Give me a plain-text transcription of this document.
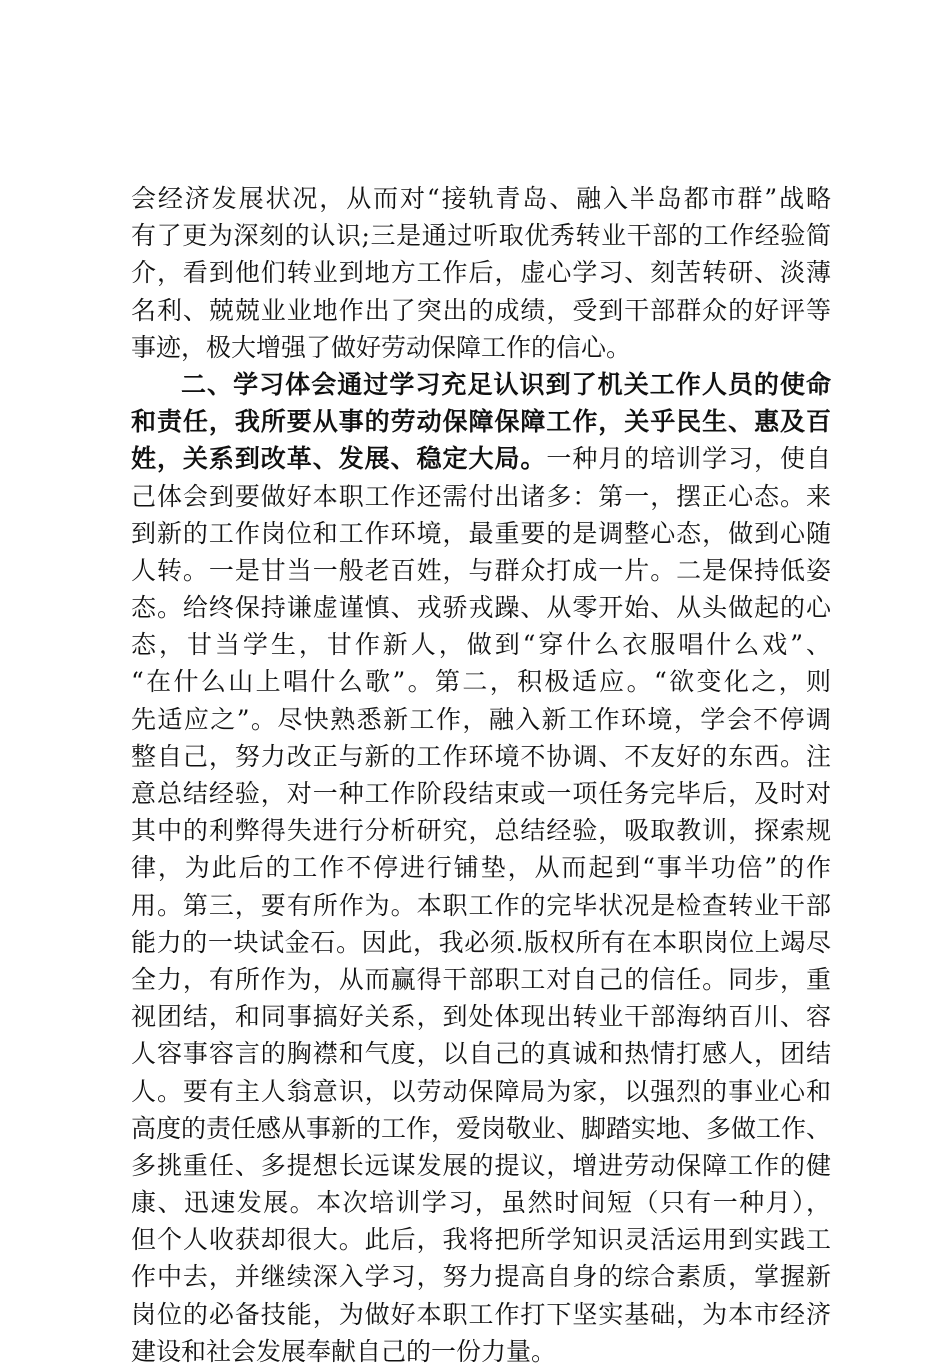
会经济发展状况，从而对“接轨青岛、融入半岛都市群”战略
有了更为深刻的认识;三是通过听取优秀转业干部的工作经验简
介，看到他们转业到地方工作后，虚心学习、刻苦转研、淡薄
名利、兢兢业业地作出了突出的成绩，受到干部群众的好评等
事迹，极大增强了做好劳动保障工作的信心。
二、学习体会通过学习充足认识到了机关工作人员的使命
和责任，我所要从事的劳动保障保障工作，关乎民生、惠及百
姓，关系到改革、发展、稳定大局。一种月的培训学习，使自
己体会到要做好本职工作还需付出诸多：第一，摆正心态。来
到新的工作岗位和工作环境，最重要的是调整心态，做到心随
人转。一是甘当一般老百姓，与群众打成一片。二是保持低姿
态。给终保持谦虚谨慎、戎骄戎躁、从零开始、从头做起的心
态，甘当学生，甘作新人，做到“穿什么衣服唱什么戏”、
“在什么山上唱什么歌”。第二，积极适应。“欲变化之，则
先适应之”。尽快熟悉新工作，融入新工作环境，学会不停调
整自己，努力改正与新的工作环境不协调、不友好的东西。注
意总结经验，对一种工作阶段结束或一项任务完毕后，及时对
其中的利弊得失进行分析研究，总结经验，吸取教训，探索规
律，为此后的工作不停进行铺垫，从而起到“事半功倍”的作
用。第三，要有所作为。本职工作的完毕状况是检查转业干部
能力的一块试金石。因此，我必须.版权所有在本职岗位上竭尽
全力，有所作为，从而赢得干部职工对自己的信任。同步，重
视团结，和同事搞好关系，到处体现出转业干部海纳百川、容
人容事容言的胸襟和气度，以自己的真诚和热情打感人，团结
人。要有主人翁意识，以劳动保障局为家，以强烈的事业心和
高度的责任感从事新的工作，爱岗敬业、脚踏实地、多做工作、
多挑重任、多提想长远谋发展的提议，增进劳动保障工作的健
康、迅速发展。本次培训学习，虽然时间短（只有一种月），
但个人收获却很大。此后，我将把所学知识灵活运用到实践工
作中去，并继续深入学习，努力提高自身的综合素质，掌握新
岗位的必备技能，为做好本职工作打下坚实基础，为本市经济
建设和社会发展奉献自己的一份力量。
